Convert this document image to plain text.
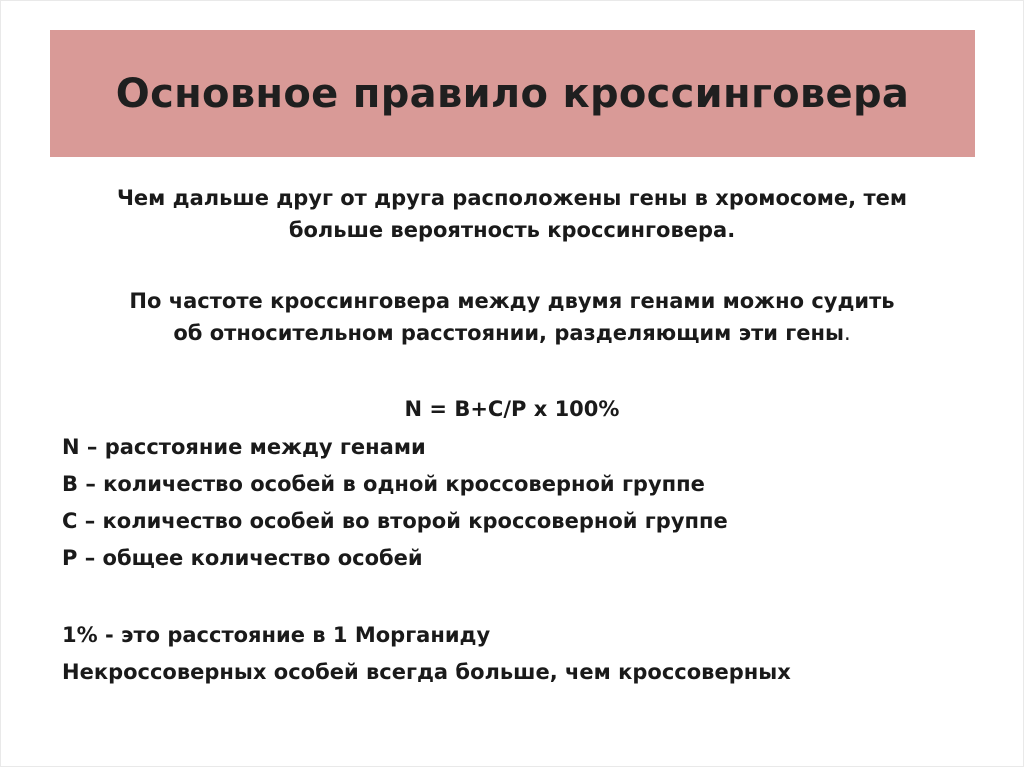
Основное правило кроссинговера
Чем дальше друг от друга расположены гены в хромосоме, тем
больше вероятность кроссинговера.
По частоте кроссинговера между двумя генами можно судить
об относительном расстоянии, разделяющим эти гены.
N = B+C/P x 100%
N – расстояние между генами
B – количество особей в одной кроссоверной группе
C – количество особей во второй кроссоверной группе
P – общее количество особей
1% - это расстояние в 1 Морганиду
Некроссоверных особей всегда больше, чем кроссоверных
